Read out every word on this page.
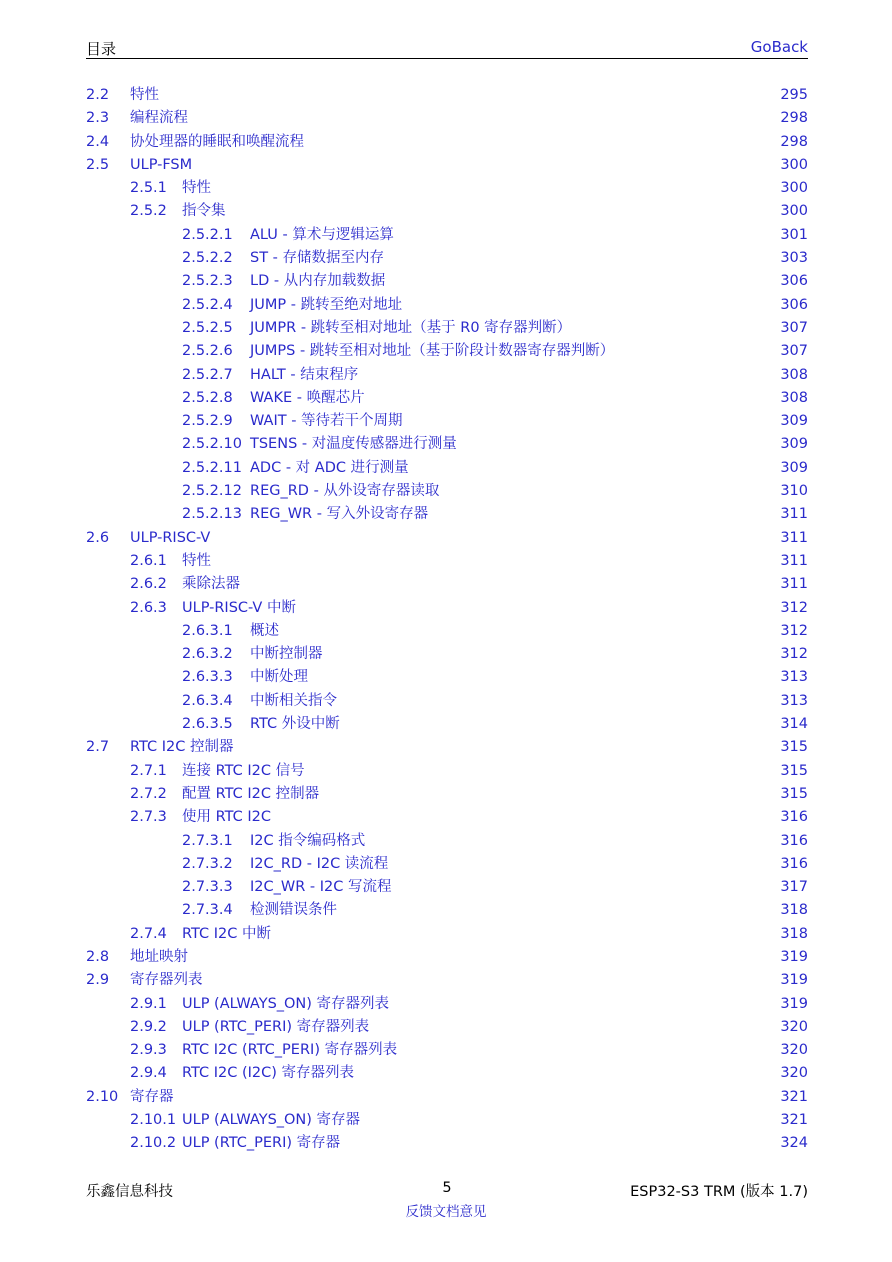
目录	GoBack
2.2 特性	295
2.3 编程流程	298
2.4 协处理器的睡眠和唤醒流程	298
2.5 ULP-FSM	300
2.5.1 特性	300
2.5.2 指令集	300
2.5.2.1 ALU - 算术与逻辑运算	301
2.5.2.2 ST - 存储数据至内存	303
2.5.2.3 LD - 从内存加载数据	306
2.5.2.4 JUMP - 跳转至绝对地址	306
2.5.2.5 JUMPR - 跳转至相对地址（基于 R0 寄存器判断）	307
2.5.2.6 JUMPS - 跳转至相对地址（基于阶段计数器寄存器判断）	307
2.5.2.7 HALT - 结束程序	308
2.5.2.8 WAKE - 唤醒芯片	308
2.5.2.9 WAIT - 等待若干个周期	309
2.5.2.10 TSENS - 对温度传感器进行测量	309
2.5.2.11 ADC - 对 ADC 进行测量	309
2.5.2.12 REG_RD - 从外设寄存器读取	310
2.5.2.13 REG_WR - 写入外设寄存器	311
2.6 ULP-RISC-V	311
2.6.1 特性	311
2.6.2 乘除法器	311
2.6.3 ULP-RISC-V 中断	312
2.6.3.1 概述	312
2.6.3.2 中断控制器	312
2.6.3.3 中断处理	313
2.6.3.4 中断相关指令	313
2.6.3.5 RTC 外设中断	314
2.7 RTC I2C 控制器	315
2.7.1 连接 RTC I2C 信号	315
2.7.2 配置 RTC I2C 控制器	315
2.7.3 使用 RTC I2C	316
2.7.3.1 I2C 指令编码格式	316
2.7.3.2 I2C_RD - I2C 读流程	316
2.7.3.3 I2C_WR - I2C 写流程	317
2.7.3.4 检测错误条件	318
2.7.4 RTC I2C 中断	318
2.8 地址映射	319
2.9 寄存器列表	319
2.9.1 ULP (ALWAYS_ON) 寄存器列表	319
2.9.2 ULP (RTC_PERI) 寄存器列表	320
2.9.3 RTC I2C (RTC_PERI) 寄存器列表	320
2.9.4 RTC I2C (I2C) 寄存器列表	320
2.10 寄存器	321
2.10.1 ULP (ALWAYS_ON) 寄存器	321
2.10.2 ULP (RTC_PERI) 寄存器	324
乐鑫信息科技	5	ESP32-S3 TRM (版本 1.7)
反馈文档意见
